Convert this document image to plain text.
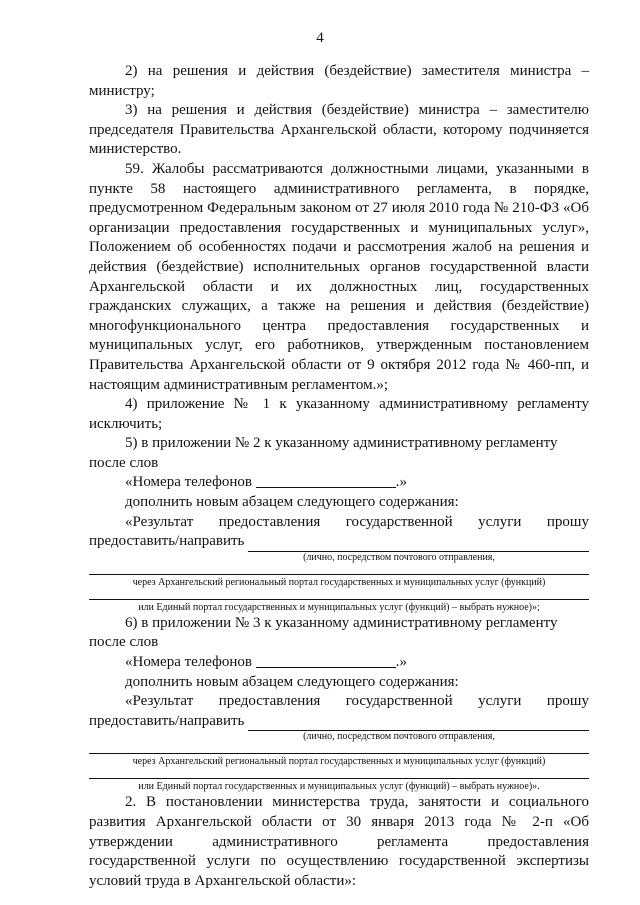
4

2) на решения и действия (бездействие) заместителя министра – министру;

3) на решения и действия (бездействие) министра – заместителю председателя Правительства Архангельской области, которому подчиняется министерство.

59. Жалобы рассматриваются должностными лицами, указанными в пункте 58 настоящего административного регламента, в порядке, предусмотренном Федеральным законом от 27 июля 2010 года № 210-ФЗ «Об организации предоставления государственных и муниципальных услуг», Положением об особенностях подачи и рассмотрения жалоб на решения и действия (бездействие) исполнительных органов государственной власти Архангельской области и их должностных лиц, государственных гражданских служащих, а также на решения и действия (бездействие) многофункционального центра предоставления государственных и муниципальных услуг, его работников, утвержденным постановлением Правительства Архангельской области от 9 октября 2012 года № 460-пп, и настоящим административным регламентом.»;

4) приложение № 1 к указанному административному регламенту исключить;

5) в приложении № 2 к указанному административному регламенту

после слов

«Номера телефонов	.»

дополнить новым абзацем следующего содержания:

«Результат предоставления государственной услуги прошу
предоставить/направить
(лично, посредством почтового отправления,
через Архангельский региональный портал государственных и муниципальных услуг (функций)
или Единый портал государственных и муниципальных услуг (функций) – выбрать нужное)»;

6) в приложении № 3 к указанному административному регламенту

после слов

«Номера телефонов	.»

дополнить новым абзацем следующего содержания:

«Результат предоставления государственной услуги прошу
предоставить/направить
(лично, посредством почтового отправления,
через Архангельский региональный портал государственных и муниципальных услуг (функций)
или Единый портал государственных и муниципальных услуг (функций) – выбрать нужное)».

2. В постановлении министерства труда, занятости и социального развития Архангельской области от 30 января 2013 года № 2-п «Об утверждении административного регламента предоставления государственной услуги по осуществлению государственной экспертизы условий труда в Архангельской области»:
